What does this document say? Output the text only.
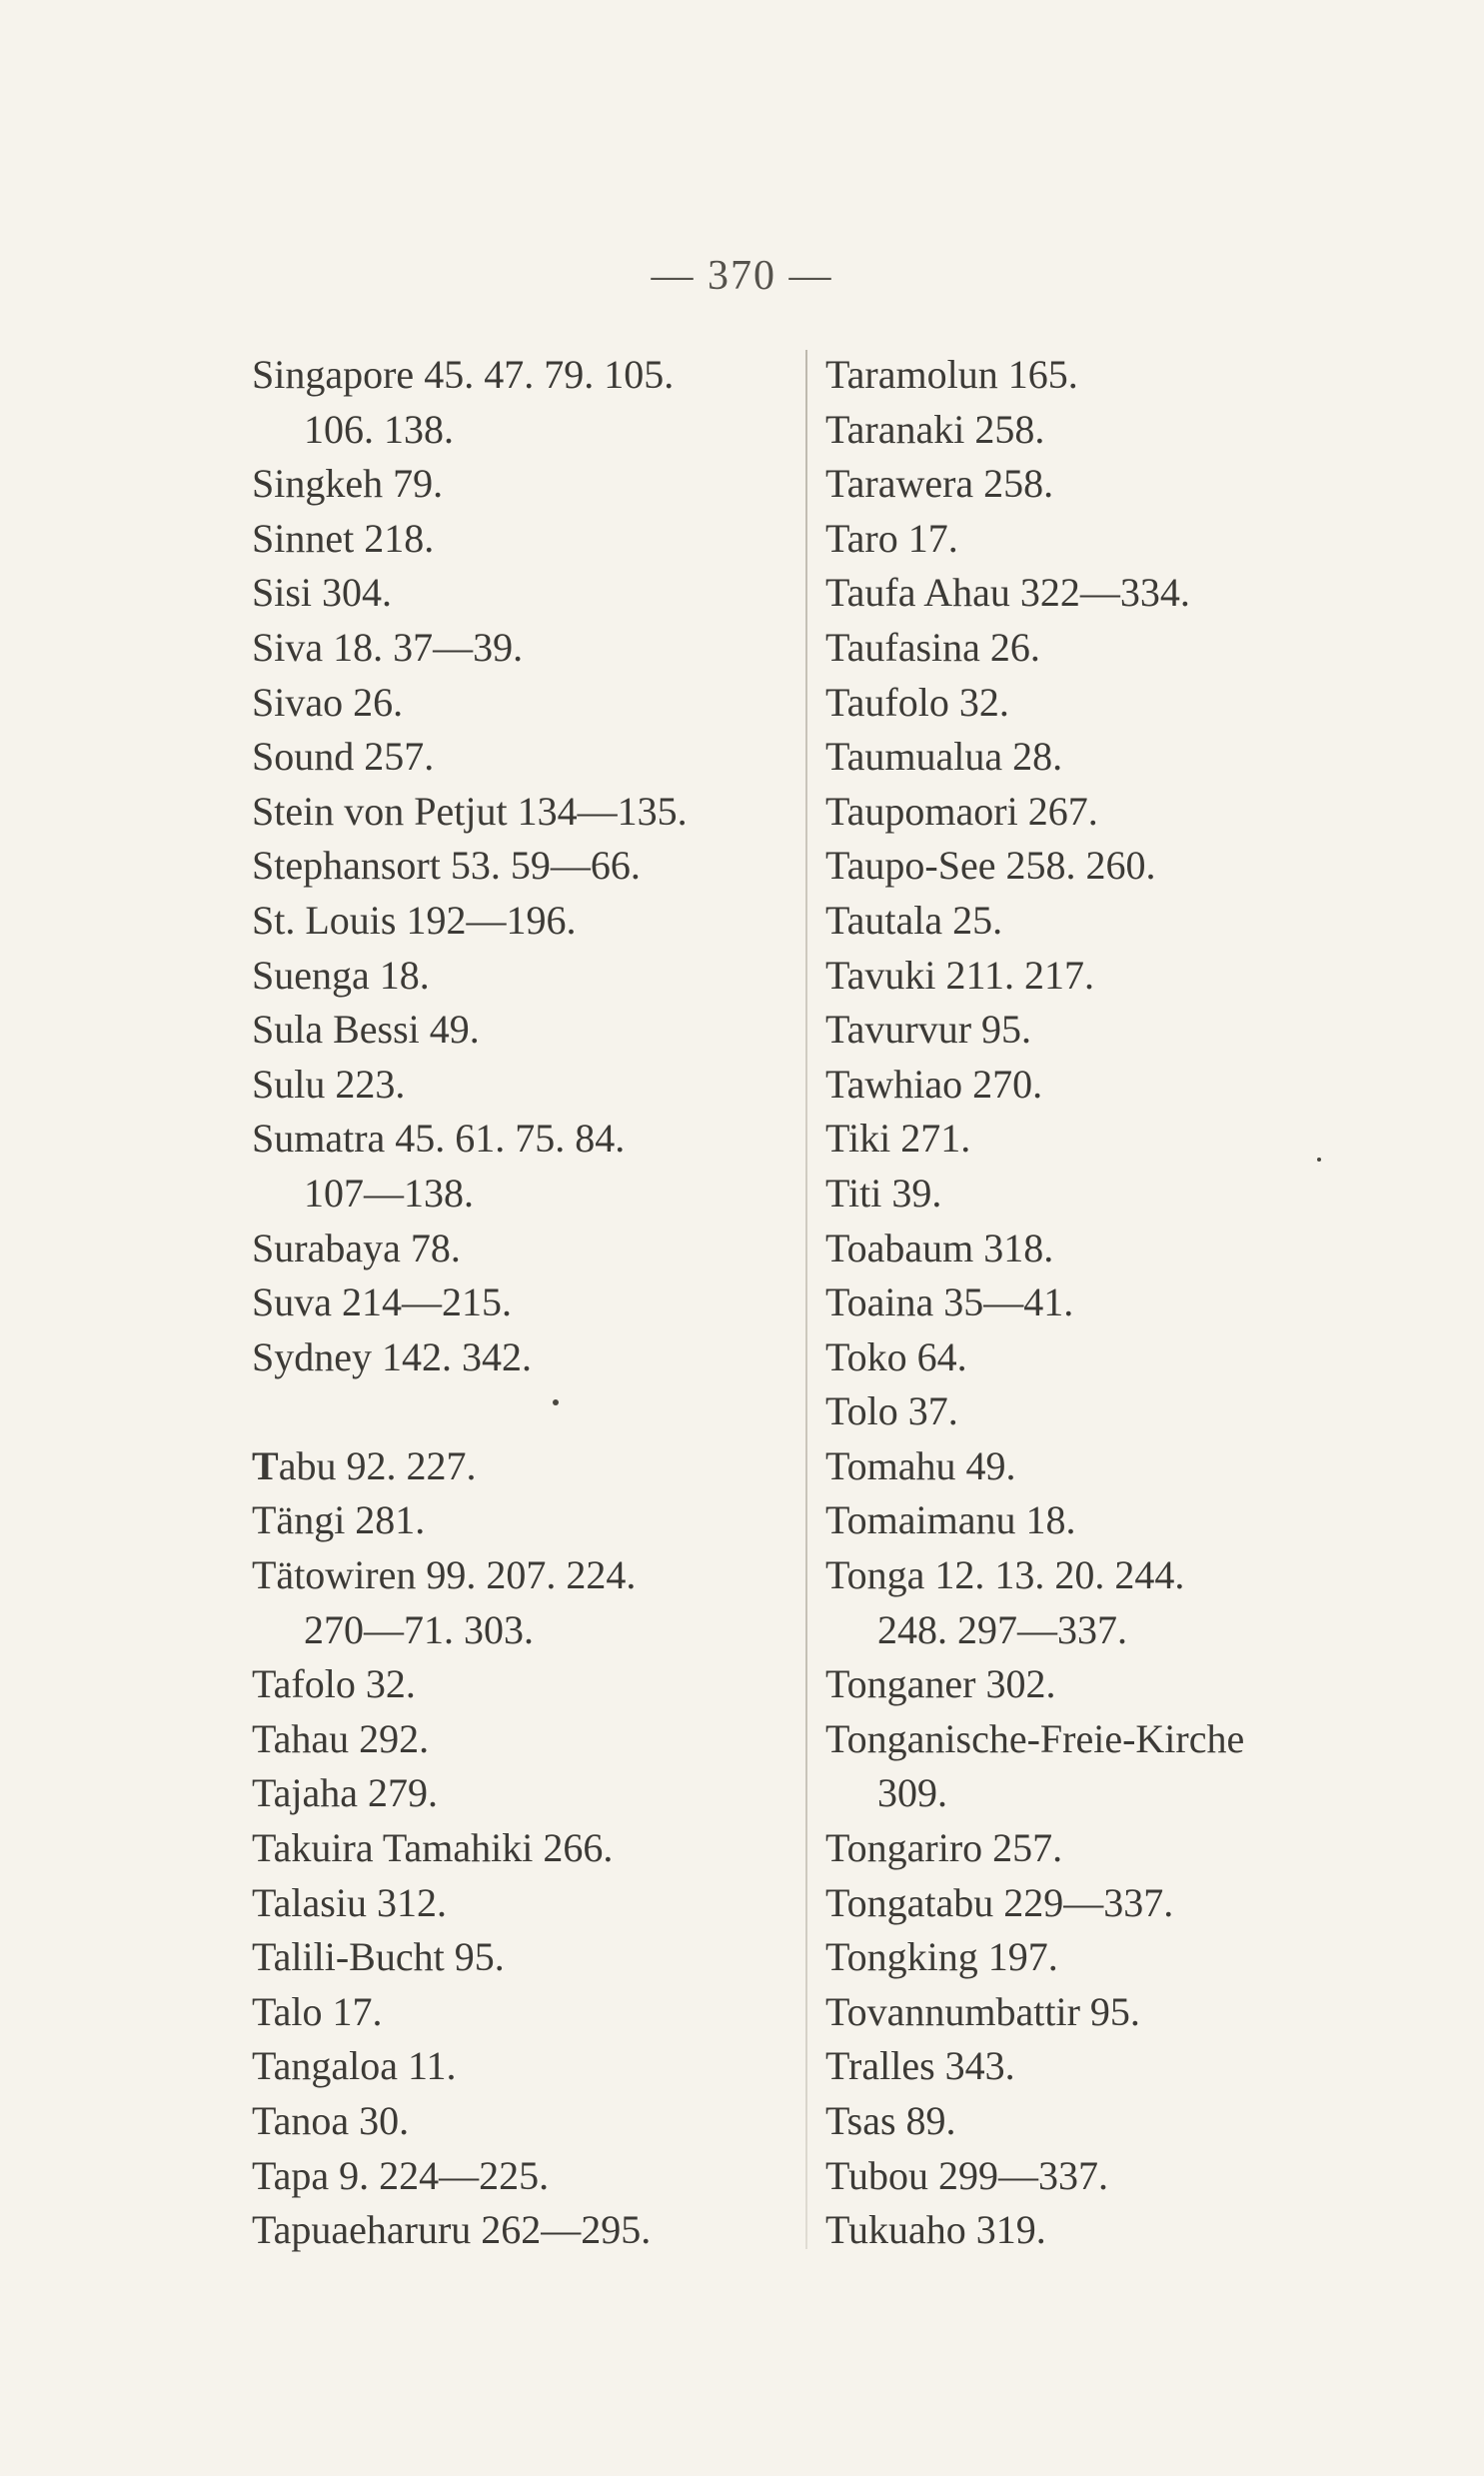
— 370 —
Singapore 45. 47. 79. 105.
106. 138.
Singkeh 79.
Sinnet 218.
Sisi 304.
Siva 18. 37—39.
Sivao 26.
Sound 257.
Stein von Petjut 134—135.
Stephansort 53. 59—66.
St. Louis 192—196.
Suenga 18.
Sula Bessi 49.
Sulu 223.
Sumatra 45. 61. 75. 84.
107—138.
Surabaya 78.
Suva 214—215.
Sydney 142. 342.
Tabu 92. 227.
Tängi 281.
Tätowiren 99. 207. 224.
270—71. 303.
Tafolo 32.
Tahau 292.
Tajaha 279.
Takuira Tamahiki 266.
Talasiu 312.
Talili-Bucht 95.
Talo 17.
Tangaloa 11.
Tanoa 30.
Tapa 9. 224—225.
Tapuaeharuru 262—295.
Taramolun 165.
Taranaki 258.
Tarawera 258.
Taro 17.
Taufa Ahau 322—334.
Taufasina 26.
Taufolo 32.
Taumualua 28.
Taupomaori 267.
Taupo-See 258. 260.
Tautala 25.
Tavuki 211. 217.
Tavurvur 95.
Tawhiao 270.
Tiki 271.
Titi 39.
Toabaum 318.
Toaina 35—41.
Toko 64.
Tolo 37.
Tomahu 49.
Tomaimanu 18.
Tonga 12. 13. 20. 244.
248. 297—337.
Tonganer 302.
Tonganische-Freie-Kirche
309.
Tongariro 257.
Tongatabu 229—337.
Tongking 197.
Tovannumbattir 95.
Tralles 343.
Tsas 89.
Tubou 299—337.
Tukuaho 319.
